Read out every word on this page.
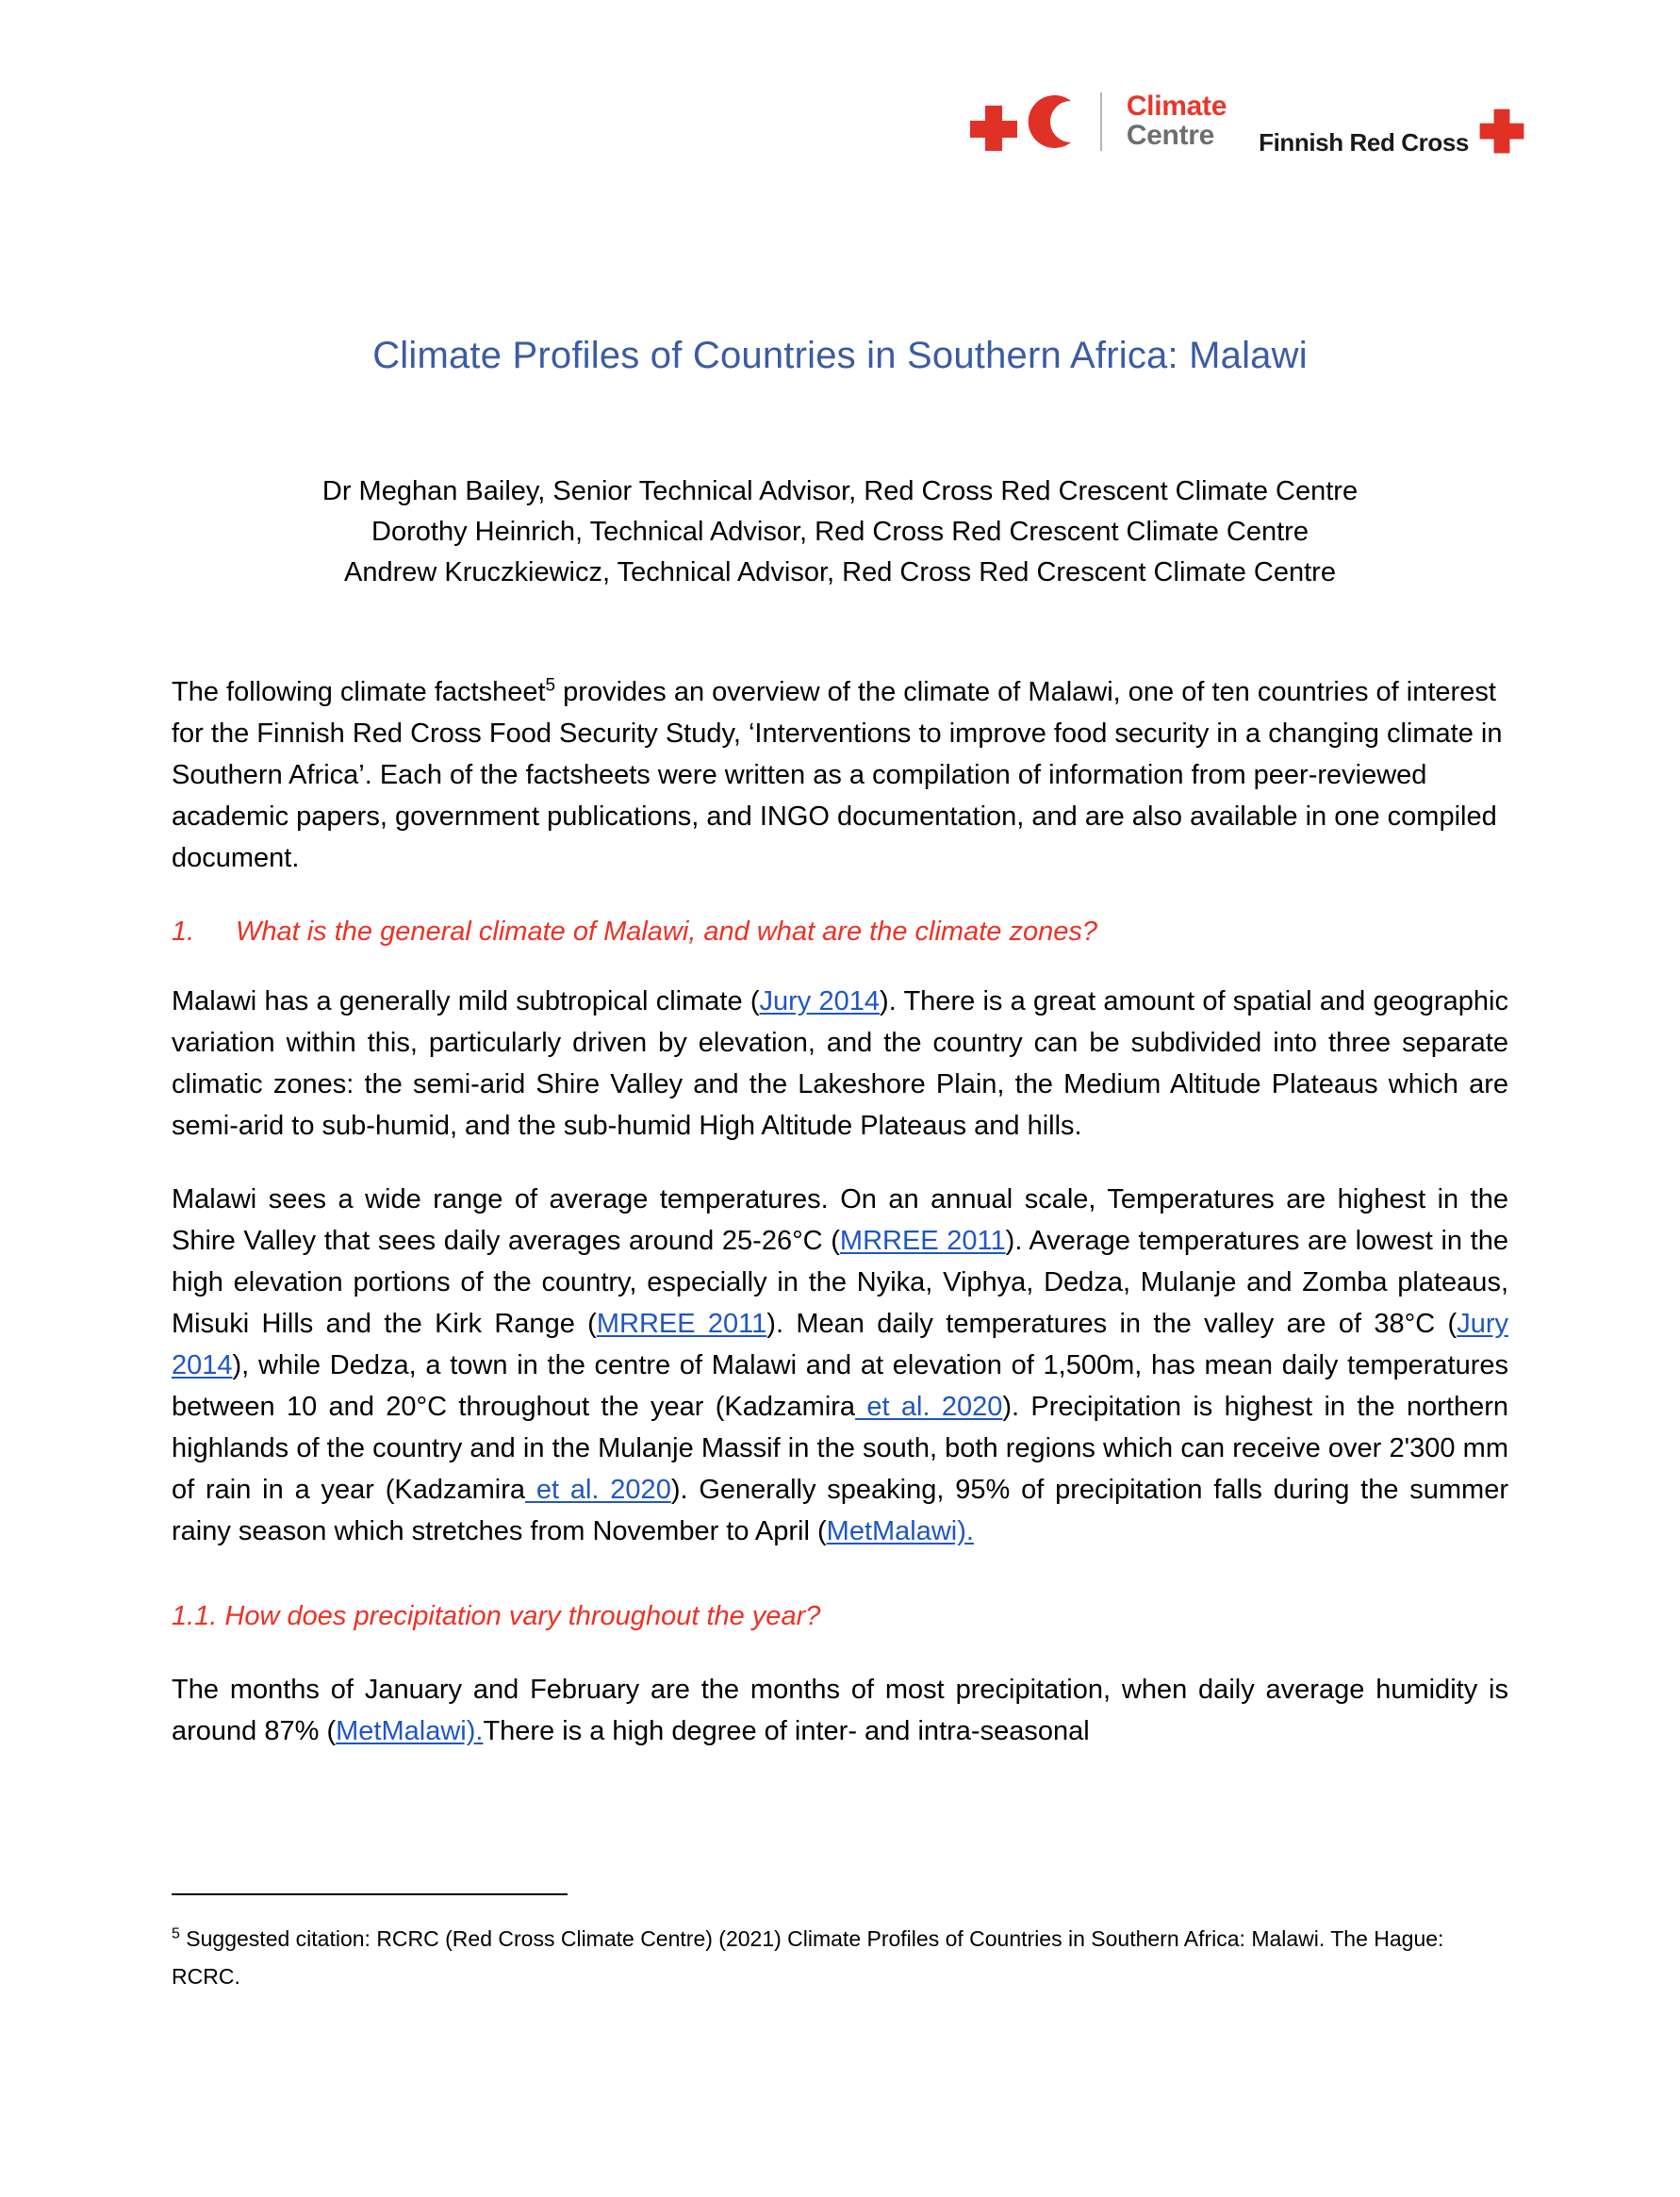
Climate
Centre	Finnish Red Cross
Climate Profiles of Countries in Southern Africa: Malawi
Dr Meghan Bailey, Senior Technical Advisor, Red Cross Red Crescent Climate Centre
Dorothy Heinrich, Technical Advisor, Red Cross Red Crescent Climate Centre
Andrew Kruczkiewicz, Technical Advisor, Red Cross Red Crescent Climate Centre

The following climate factsheet$^5$ provides an overview of the climate of Malawi, one of ten countries of interest for the Finnish Red Cross Food Security Study, ‘Interventions to improve food security in a changing climate in Southern Africa’. Each of the factsheets were written as a compilation of information from peer-reviewed academic papers, government publications, and INGO documentation, and are also available in one compiled document.

1. What is the general climate of Malawi, and what are the climate zones?

Malawi has a generally mild subtropical climate (Jury 2014). There is a great amount of spatial and geographic variation within this, particularly driven by elevation, and the country can be subdivided into three separate climatic zones: the semi-arid Shire Valley and the Lakeshore Plain, the Medium Altitude Plateaus which are semi-arid to sub-humid, and the sub-humid High Altitude Plateaus and hills.

Malawi sees a wide range of average temperatures. On an annual scale, Temperatures are highest in the Shire Valley that sees daily averages around 25-26°C (MRREE 2011). Average temperatures are lowest in the high elevation portions of the country, especially in the Nyika, Viphya, Dedza, Mulanje and Zomba plateaus, Misuki Hills and the Kirk Range (MRREE 2011). Mean daily temperatures in the valley are of 38°C (Jury 2014), while Dedza, a town in the centre of Malawi and at elevation of 1,500m, has mean daily temperatures between 10 and 20°C throughout the year (Kadzamira et al. 2020). Precipitation is highest in the northern highlands of the country and in the Mulanje Massif in the south, both regions which can receive over 2'300 mm of rain in a year (Kadzamira et al. 2020). Generally speaking, 95% of precipitation falls during the summer rainy season which stretches from November to April (MetMalawi).

1.1. How does precipitation vary throughout the year?

The months of January and February are the months of most precipitation, when daily average humidity is around 87% (MetMalawi).There is a high degree of inter- and intra-seasonal

$^5$ Suggested citation: RCRC (Red Cross Climate Centre) (2021) Climate Profiles of Countries in Southern Africa: Malawi. The Hague: RCRC.
